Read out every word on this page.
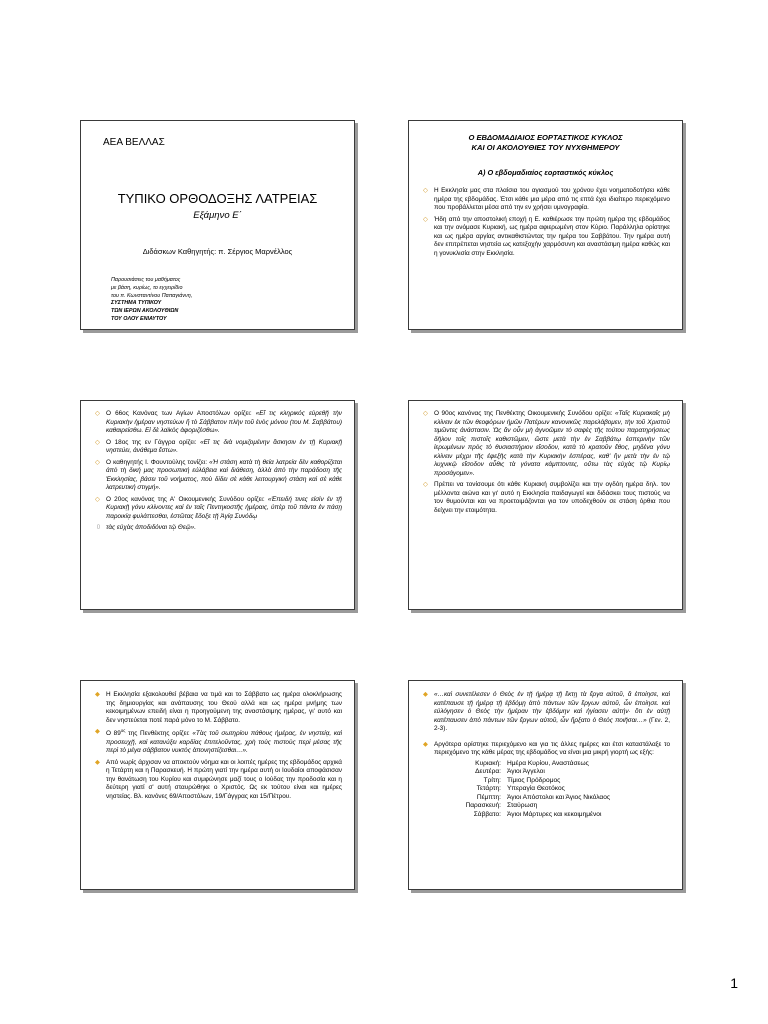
ΑΕΑ ΒΕΛΛΑΣ
ΤΥΠΙΚΟ ΟΡΘΟΔΟΞΗΣ ΛΑΤΡΕΙΑΣ
Εξάμηνο Ε΄
Διδάσκων Καθηγητής: π. Σέργιος Μαρνέλλος
Παρουσιάσεις του μαθήματος
με βάση, κυρίως, το εγχειρίδιο
του π. Κωνσταντίνου Παπαγιάννη,
ΣΥΣΤΗΜΑ ΤΥΠΙΚΟΥ
ΤΩΝ ΙΕΡΩΝ ΑΚΟΛΟΥΘΙΩΝ
ΤΟΥ ΟΛΟΥ ΕΝΙΑΥΤΟΥ
Ο ΕΒΔΟΜΑΔΙΑΙΟΣ ΕΟΡΤΑΣΤΙΚΟΣ ΚΥΚΛΟΣ
ΚΑΙ ΟΙ ΑΚΟΛΟΥΘΙΕΣ ΤΟΥ ΝΥΧΘΗΜΕΡΟΥ
Α) Ο εβδομαδιαίος εορταστικός κύκλος
◇ Η Εκκλησία μας στα πλαίσια του αγιασμού του χρόνου έχει νοηματοδοτήσει κάθε ημέρα της εβδομάδας. Έτσι κάθε μια μέρα από τις επτά έχει ιδιαίτερο περιεχόμενο που προβάλλεται μέσα από την εν χρήσει υμνογραφία.
◇ Ήδη από την αποστολική εποχή η Ε. καθιέρωσε την πρώτη ημέρα της εβδομάδος και την ονόμασε Κυριακή, ως ημέρα αφιερωμένη στον Κύριο. Παράλληλα ορίστηκε και ως ημέρα αργίας αντικαθιστώντας την ημέρα του Σαββάτου. Την ημέρα αυτή δεν επιτρέπεται νηστεία ως κατεξοχήν χαρμόσυνη και αναστάσιμη ημέρα καθώς και η γονυκλισία στην Εκκλησία.
◇ Ο 66ος Κανόνας των Αγίων Αποστόλων ορίζει: «Εἴ τις κληρικός εὑρεθῇ τὴν Κυριακὴν ἡμέραν νηστεύων ἤ τὸ Σάββατον πλὴν τοῦ ἑνὸς μόνου (του Μ. Σαββάτου) καθαιρείσθω. Εἰ δὲ λαϊκὸς ἀφοριζέσθω».
◇ Ο 18ος της εν Γάγγρα ορίζει: «Εἴ τις διὰ νομιζομένην ἄσκησιν ἐν τῇ Κυριακῇ νηστεύει, ἀνάθεμα ἔστω».
◇ Ο καθηγητής Ι. Φουντούλης τονίζει: «Ἡ στάση κατὰ τὴ θεία λατρεία δὲν καθορίζεται ἀπὸ τὴ δική μας προσωπική εὐλάβεια καὶ διάθεση, ἀλλὰ ἀπὸ τὴν παράδοση τῆς Ἐκκλησίας, βάσει τοῦ νοήματος, ποὺ δίδει σὲ κάθε λειτουργική στάση καὶ σὲ κάθε λατρευτική στιγμή».
◇ Ο 20ος κανόνας της Α' Οικουμενικής Συνόδου ορίζει: «Ἐπειδή τινες εἰσὶν ἐν τῇ Κυριακῇ γόνυ κλίνοντες καὶ ἐν ταῖς Πεντηκοστῆς ἡμέραις, ὑπὲρ τοῦ πάντα ἐν πάσῃ παροικίᾳ φυλάττεσθαι, ἑστῶτας ἔδοξε τῇ Ἁγίᾳ Συνόδῳ
▯ τὰς εὐχὰς ἀποδιδόναι τῷ Θεῷ».
◇ Ο 90ος κανόνας της Πενθέκτης Οικουμενικής Συνόδου ορίζει: «Ταῖς Κυριακαῖς μὴ κλίνειν ἐκ τῶν θεοφόρων ἡμῶν Πατέρων κανονικῶς παρελάβομεν, τὴν τοῦ Χριστοῦ τιμῶντες ἀνάστασιν. Ὡς ἂν οὖν μὴ ἀγνοῶμεν τὸ σαφὲς τῆς τούτου παρατηρήσεως δῆλον τοῖς πιστοῖς καθιστῶμεν, ὥστε μετὰ τὴν ἐν Σαββάτῳ ἑσπερινὴν τῶν ἱερωμένων πρὸς τὸ θυσιαστήριον εἴσοδον, κατὰ τὸ κρατοῦν ἔθος, μηδένα γόνυ κλίνειν μέχρι τῆς ἐφεξῆς κατὰ τὴν Κυριακὴν ἑσπέρας, καθ' ἣν μετὰ τὴν ἐν τῷ λυχνικῷ εἴσοδον αὖθις τὰ γόνατα κάμπτοντες, οὕτω τὰς εὐχὰς τῷ Κυρίῳ προσάγομεν».
◇ Πρέπει να τονίσουμε ότι κάθε Κυριακή συμβολίζει και την ογδόη ημέρα δηλ. τον μέλλοντα αιώνα και γι' αυτό η Εκκλησία παιδαγωγεί και διδάσκει τους πιστούς να τον θυμούνται και να προετοιμάζονται για τον υποδεχθούν σε στάση όρθια που δείχνει την ετοιμότητα.
◆ Η Εκκλησία εξακολουθεί βέβαια να τιμά και το Σάββατο ως ημέρα ολοκλήρωσης της δημιουργίας και ανάπαυσης του Θεού αλλά και ως ημέρα μνήμης των κεκοιμημένων επειδή είναι η προηγούμενη της αναστάσιμης ημέρας, γι' αυτό και δεν νηστεύεται ποτέ παρά μόνο το Μ. Σάββατο.
◆ Ο $89^{o\varsigma}$ της Πενθέκτης ορίζει: «Τὰς τοῦ σωτηρίου πάθους ἡμέρας, ἐν νηστείᾳ, καὶ προσευχῇ, καὶ κατανύξει καρδίας ἐπιτελοῦντας, χρὴ τοὺς πιστοὺς περὶ μέσας τῆς περὶ τὸ μέγα σάββατον νυκτὸς ἀπονηστίζεσθαι…».
◆ Από νωρίς άρχισαν να αποκτούν νόημα και οι λοιπές ημέρες της εβδομάδος αρχικά η Τετάρτη και η Παρασκευή. Η πρώτη γιατί την ημέρα αυτή οι Ιουδαίοι αποφάσισαν την θανάτωση του Κυρίου και συμφώνησε μαζί τους ο Ιούδας την προδοσία και η δεύτερη γιατί σ' αυτή σταυρώθηκε ο Χριστός. Ως εκ τούτου είναι και ημέρες νηστείας. Βλ. κανόνες 69/Αποστόλων, 19/Γάγγρας και 15/Πέτρου.
◆ «…καὶ συνετέλεσεν ὁ Θεὸς ἐν τῇ ἡμέρᾳ τῇ ἕκτῃ τὰ ἔργα αὐτοῦ, ἃ ἐποίησε, καὶ κατέπαυσε τῇ ἡμέρᾳ τῇ ἑβδόμῃ ἀπὸ πάντων τῶν ἔργων αὐτοῦ, ὧν ἐποίησε. καὶ εὐλόγησεν ὁ Θεὸς τὴν ἡμέραν τὴν ἑβδόμην καὶ ἡγίασεν αὐτήν· ὅτι ἐν αὐτῇ κατέπαυσεν ἀπὸ πάντων τῶν ἔργων αὐτοῦ, ὧν ἤρξατο ὁ Θεὸς ποιῆσαι…» (Γεν. 2, 2-3).
◆ Αργότερα ορίστηκε περιεχόμενο και για τις άλλες ημέρες και έτσι καταστάλαξε το περιεχόμενο της κάθε μέρας της εβδομάδος να είναι μια μικρή γιορτή ως εξής:
Κυριακή:	Ημέρα Κυρίου, Αναστάσεως
Δευτέρα:	Άγιοι Άγγελοι
Τρίτη:	Τίμιος Πρόδρομος
Τετάρτη:	Υπεραγία Θεοτόκος
Πέμπτη:	Άγιοι Απόστολοι και Άγιος Νικόλαος
Παρασκευή:	Σταύρωση
Σάββατο:	Άγιοι Μάρτυρες και κεκοιμημένοι
1
